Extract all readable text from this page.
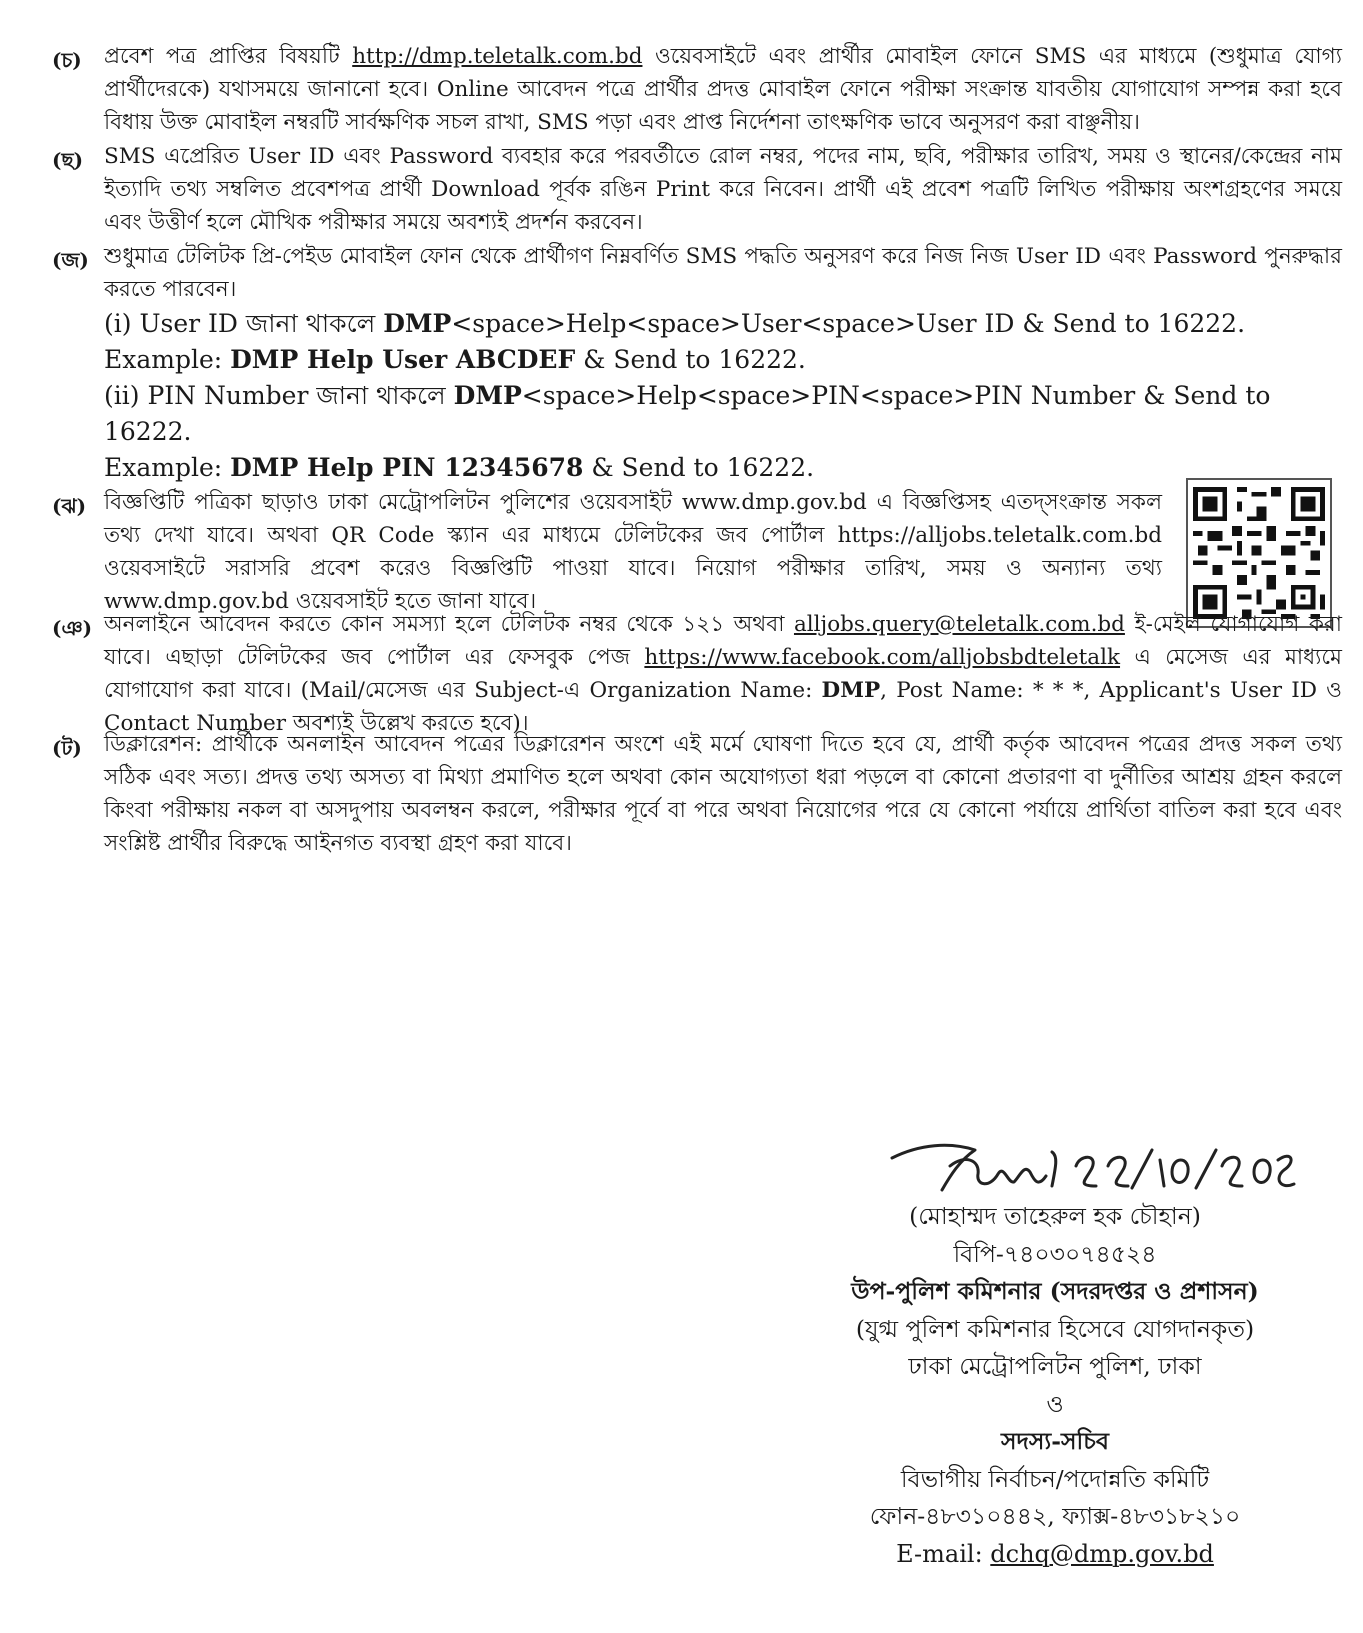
(চ) প্রবেশ পত্র প্রাপ্তির বিষয়টি http://dmp.teletalk.com.bd ওয়েবসাইটে এবং প্রার্থীর মোবাইল ফোনে SMS এর মাধ্যমে (শুধুমাত্র যোগ্য প্রার্থীদেরকে) যথাসময়ে জানানো হবে। Online আবেদন পত্রে প্রার্থীর প্রদত্ত মোবাইল ফোনে পরীক্ষা সংক্রান্ত যাবতীয় যোগাযোগ সম্পন্ন করা হবে বিধায় উক্ত মোবাইল নম্বরটি সার্বক্ষণিক সচল রাখা, SMS পড়া এবং প্রাপ্ত নির্দেশনা তাৎক্ষণিক ভাবে অনুসরণ করা বাঞ্ছনীয়।
(ছ) SMS এপ্রেরিত User ID এবং Password ব্যবহার করে পরবর্তীতে রোল নম্বর, পদের নাম, ছবি, পরীক্ষার তারিখ, সময় ও স্থানের/কেন্দ্রের নাম ইত্যাদি তথ্য সম্বলিত প্রবেশপত্র প্রার্থী Download পূর্বক রঙিন Print করে নিবেন। প্রার্থী এই প্রবেশ পত্রটি লিখিত পরীক্ষায় অংশগ্রহণের সময়ে এবং উত্তীর্ণ হলে মৌখিক পরীক্ষার সময়ে অবশ্যই প্রদর্শন করবেন।
(জ) শুধুমাত্র টেলিটক প্রি-পেইড মোবাইল ফোন থেকে প্রার্থীগণ নিম্নবর্ণিত SMS পদ্ধতি অনুসরণ করে নিজ নিজ User ID এবং Password পুনরুদ্ধার করতে পারবেন।
(i) User ID জানা থাকলে DMP<space>Help<space>User<space>User ID & Send to 16222.
Example: DMP Help User ABCDEF & Send to 16222.
(ii) PIN Number জানা থাকলে DMP<space>Help<space>PIN<space>PIN Number & Send to 16222.
Example: DMP Help PIN 12345678 & Send to 16222.
(ঝ) বিজ্ঞপ্তিটি পত্রিকা ছাড়াও ঢাকা মেট্রোপলিটন পুলিশের ওয়েবসাইট www.dmp.gov.bd এ বিজ্ঞপ্তিসহ এতদ্‌সংক্রান্ত সকল তথ্য দেখা যাবে। অথবা QR Code স্ক্যান এর মাধ্যমে টেলিটকের জব পোর্টাল https://alljobs.teletalk.com.bd ওয়েবসাইটে সরাসরি প্রবেশ করেও বিজ্ঞপ্তিটি পাওয়া যাবে। নিয়োগ পরীক্ষার তারিখ, সময় ও অন্যান্য তথ্য www.dmp.gov.bd ওয়েবসাইট হতে জানা যাবে।
(ঞ) অনলাইনে আবেদন করতে কোন সমস্যা হলে টেলিটক নম্বর থেকে ১২১ অথবা alljobs.query@teletalk.com.bd ই-মেইল যোগাযোগ করা যাবে। এছাড়া টেলিটকের জব পোর্টাল এর ফেসবুক পেজ https://www.facebook.com/alljobsbdteletalk এ মেসেজ এর মাধ্যমে যোগাযোগ করা যাবে। (Mail/মেসেজ এর Subject-এ Organization Name: DMP, Post Name: * * *, Applicant's User ID ও Contact Number অবশ্যই উল্লেখ করতে হবে)।
(ট) ডিক্লারেশন: প্রার্থীকে অনলাইন আবেদন পত্রের ডিক্লারেশন অংশে এই মর্মে ঘোষণা দিতে হবে যে, প্রার্থী কর্তৃক আবেদন পত্রের প্রদত্ত সকল তথ্য সঠিক এবং সত্য। প্রদত্ত তথ্য অসত্য বা মিথ্যা প্রমাণিত হলে অথবা কোন অযোগ্যতা ধরা পড়লে বা কোনো প্রতারণা বা দুর্নীতির আশ্রয় গ্রহন করলে কিংবা পরীক্ষায় নকল বা অসদুপায় অবলম্বন করলে, পরীক্ষার পূর্বে বা পরে অথবা নিয়োগের পরে যে কোনো পর্যায়ে প্রার্থিতা বাতিল করা হবে এবং সংশ্লিষ্ট প্রার্থীর বিরুদ্ধে আইনগত ব্যবস্থা গ্রহণ করা যাবে।
(মোহাম্মদ তাহেরুল হক চৌহান)
বিপি-৭৪০৩০৭৪৫২৪
উপ-পুলিশ কমিশনার (সদরদপ্তর ও প্রশাসন)
(যুগ্ম পুলিশ কমিশনার হিসেবে যোগদানকৃত)
ঢাকা মেট্রোপলিটন পুলিশ, ঢাকা
ও
সদস্য-সচিব
বিভাগীয় নির্বাচন/পদোন্নতি কমিটি
ফোন-৪৮৩১০৪৪২, ফ্যাক্স-৪৮৩১৮২১০
E-mail: dchq@dmp.gov.bd
